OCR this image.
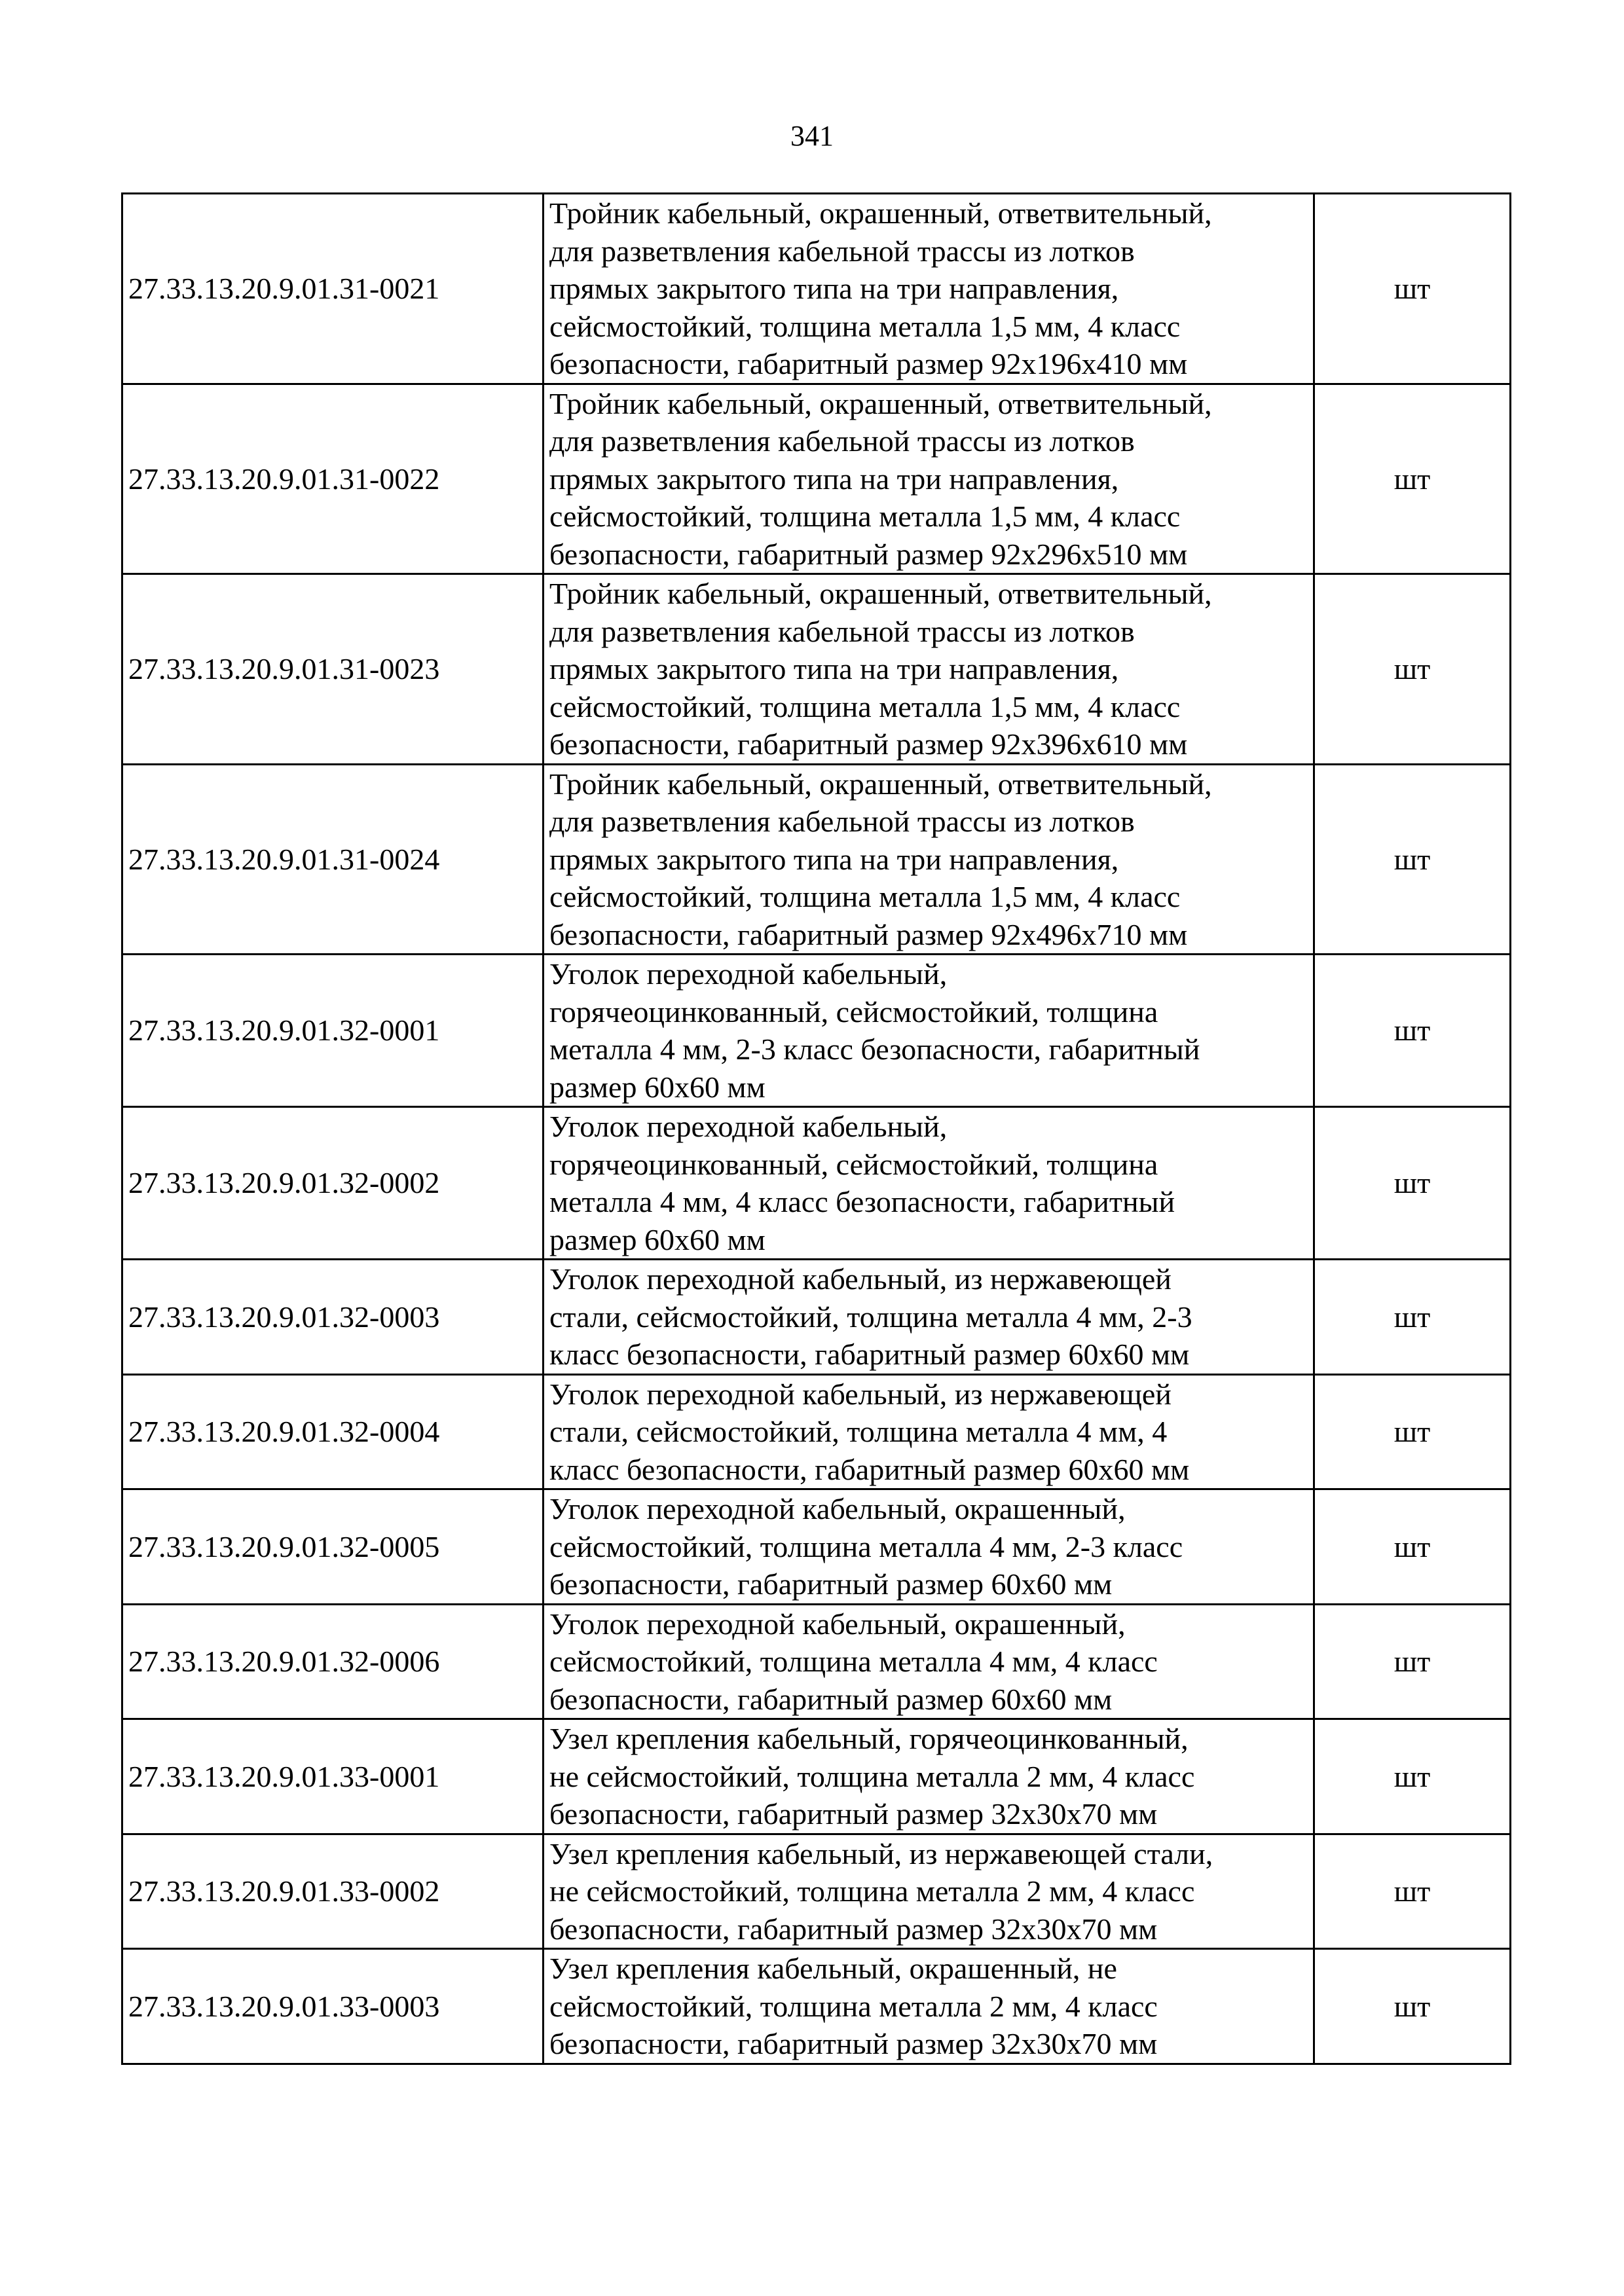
341
27.33.13.20.9.01.31-0021	Тройник кабельный, окрашенный, ответвительный,
для разветвления кабельной трассы из лотков
прямых закрытого типа на три направления,
сейсмостойкий, толщина металла 1,5 мм, 4 класс
безопасности, габаритный размер 92х196х410 мм	шт
27.33.13.20.9.01.31-0022	Тройник кабельный, окрашенный, ответвительный,
для разветвления кабельной трассы из лотков
прямых закрытого типа на три направления,
сейсмостойкий, толщина металла 1,5 мм, 4 класс
безопасности, габаритный размер 92х296х510 мм	шт
27.33.13.20.9.01.31-0023	Тройник кабельный, окрашенный, ответвительный,
для разветвления кабельной трассы из лотков
прямых закрытого типа на три направления,
сейсмостойкий, толщина металла 1,5 мм, 4 класс
безопасности, габаритный размер 92х396х610 мм	шт
27.33.13.20.9.01.31-0024	Тройник кабельный, окрашенный, ответвительный,
для разветвления кабельной трассы из лотков
прямых закрытого типа на три направления,
сейсмостойкий, толщина металла 1,5 мм, 4 класс
безопасности, габаритный размер 92х496х710 мм	шт
27.33.13.20.9.01.32-0001	Уголок переходной кабельный,
горячеоцинкованный, сейсмостойкий, толщина
металла 4 мм, 2-3 класс безопасности, габаритный
размер 60х60 мм	шт
27.33.13.20.9.01.32-0002	Уголок переходной кабельный,
горячеоцинкованный, сейсмостойкий, толщина
металла 4 мм, 4 класс безопасности, габаритный
размер 60х60 мм	шт
27.33.13.20.9.01.32-0003	Уголок переходной кабельный, из нержавеющей
стали, сейсмостойкий, толщина металла 4 мм, 2-3
класс безопасности, габаритный размер 60х60 мм	шт
27.33.13.20.9.01.32-0004	Уголок переходной кабельный, из нержавеющей
стали, сейсмостойкий, толщина металла 4 мм, 4
класс безопасности, габаритный размер 60х60 мм	шт
27.33.13.20.9.01.32-0005	Уголок переходной кабельный, окрашенный,
сейсмостойкий, толщина металла 4 мм, 2-3 класс
безопасности, габаритный размер 60х60 мм	шт
27.33.13.20.9.01.32-0006	Уголок переходной кабельный, окрашенный,
сейсмостойкий, толщина металла 4 мм, 4 класс
безопасности, габаритный размер 60х60 мм	шт
27.33.13.20.9.01.33-0001	Узел крепления кабельный, горячеоцинкованный,
не сейсмостойкий, толщина металла 2 мм, 4 класс
безопасности, габаритный размер 32х30х70 мм	шт
27.33.13.20.9.01.33-0002	Узел крепления кабельный, из нержавеющей стали,
не сейсмостойкий, толщина металла 2 мм, 4 класс
безопасности, габаритный размер 32х30х70 мм	шт
27.33.13.20.9.01.33-0003	Узел крепления кабельный, окрашенный, не
сейсмостойкий, толщина металла 2 мм, 4 класс
безопасности, габаритный размер 32х30х70 мм	шт
